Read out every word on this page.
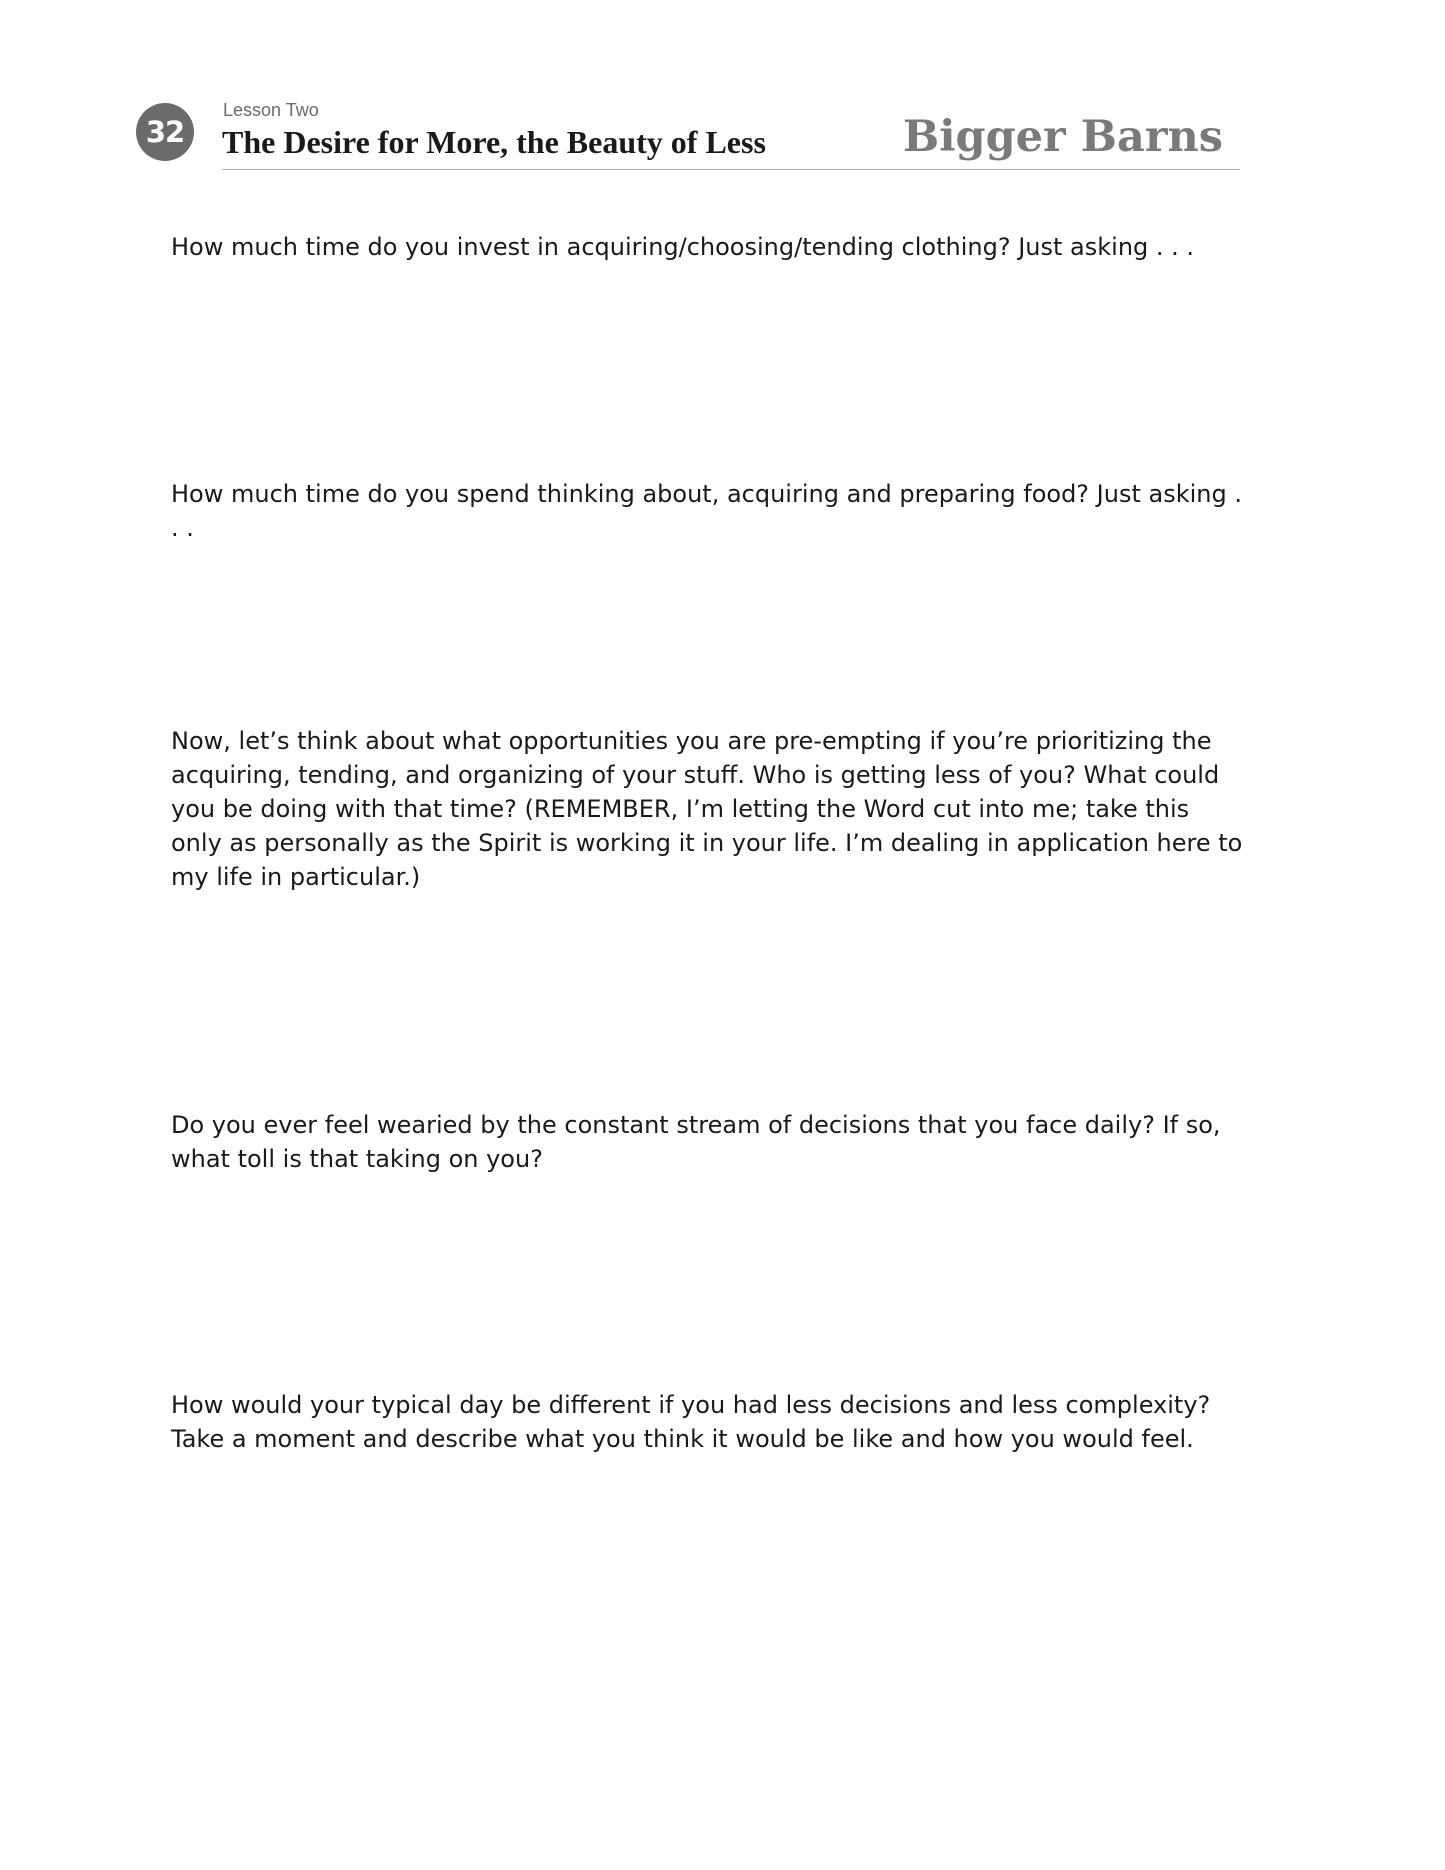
32
Lesson Two
The Desire for More, the Beauty of Less	Bigger Barns

How much time do you invest in acquiring/choosing/tending clothing? Just asking . . .

How much time do you spend thinking about, acquiring and preparing food? Just asking . . .

Now, let’s think about what opportunities you are pre-empting if you’re prioritizing the acquiring, tending, and organizing of your stuff. Who is getting less of you? What could you be doing with that time? (REMEMBER, I’m letting the Word cut into me; take this only as personally as the Spirit is working it in your life. I’m dealing in application here to my life in particular.)

Do you ever feel wearied by the constant stream of decisions that you face daily? If so, what toll is that taking on you?

How would your typical day be different if you had less decisions and less complexity? Take a moment and describe what you think it would be like and how you would feel.
